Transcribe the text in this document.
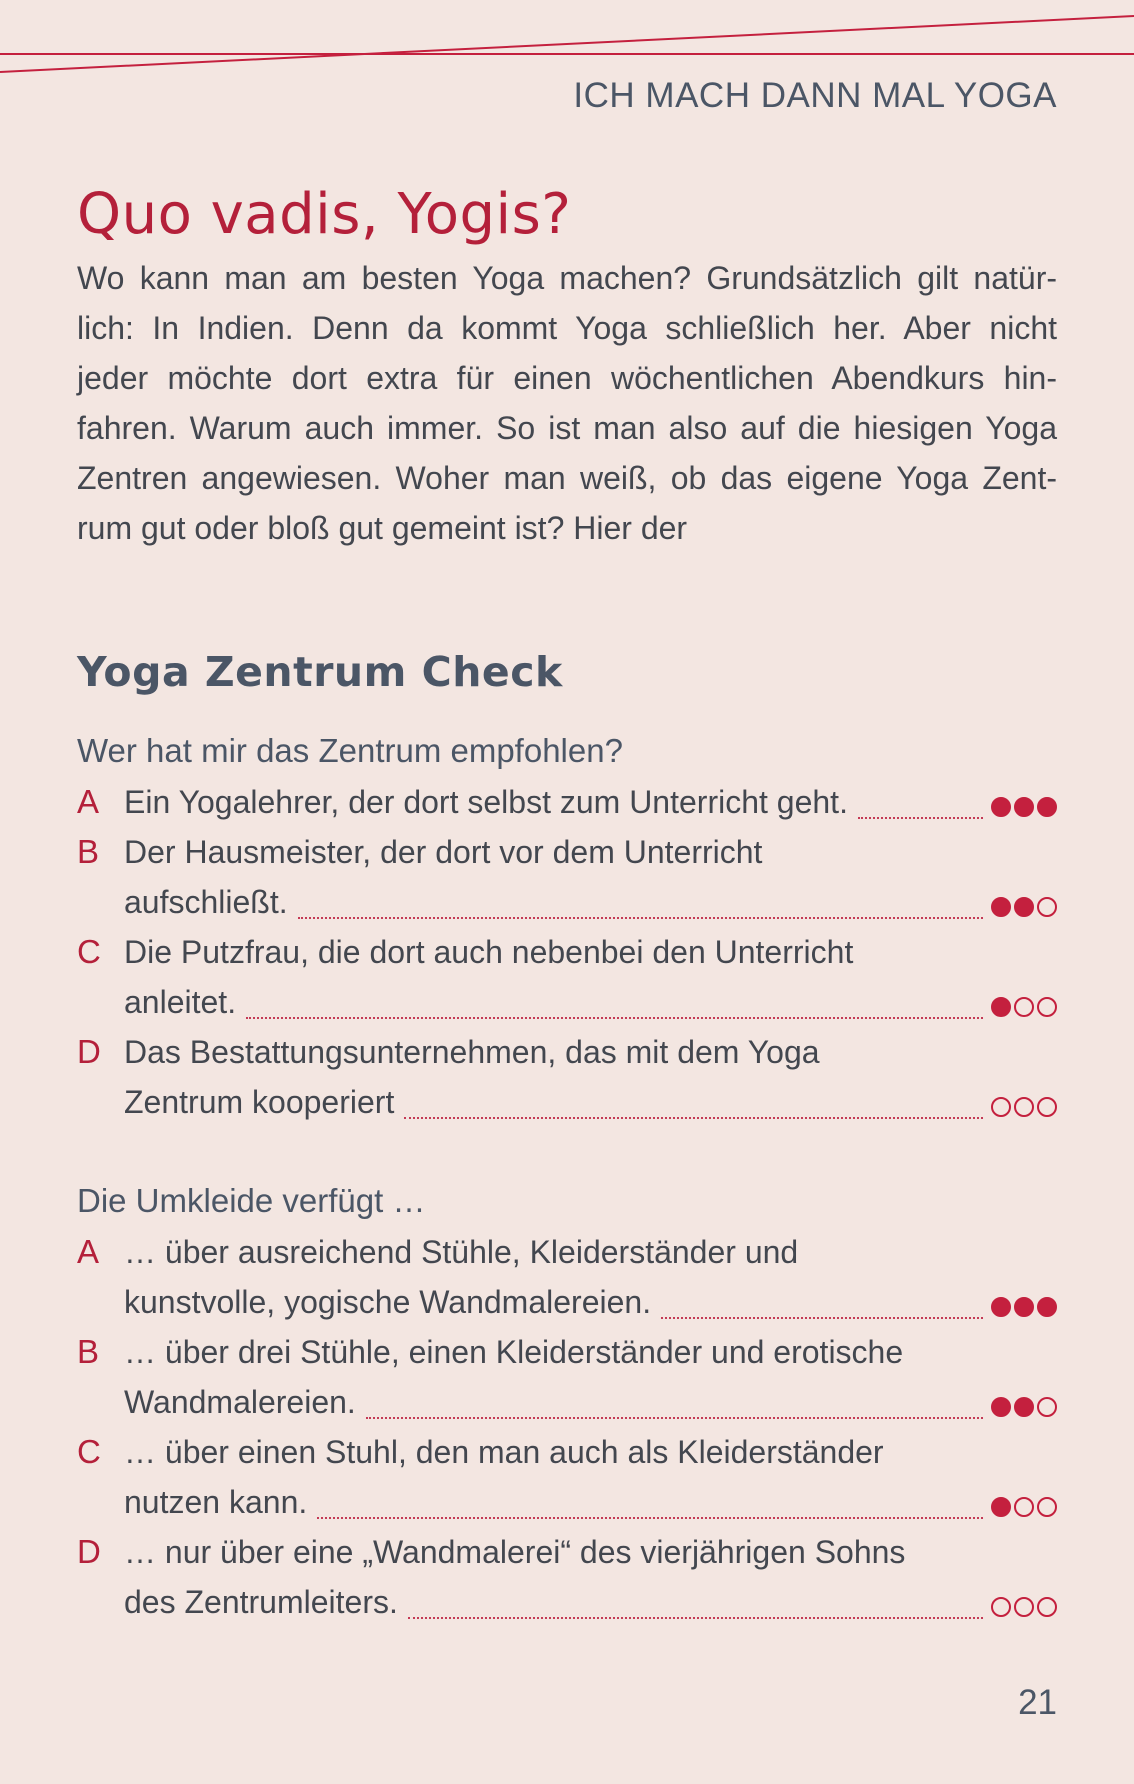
ICH MACH DANN MAL YOGA
Quo vadis, Yogis?
Wo kann man am besten Yoga machen? Grundsätzlich gilt natür-
lich: In Indien. Denn da kommt Yoga schließlich her. Aber nicht
jeder möchte dort extra für einen wöchentlichen Abendkurs hin-
fahren. Warum auch immer. So ist man also auf die hiesigen Yoga
Zentren angewiesen. Woher man weiß, ob das eigene Yoga Zent-
rum gut oder bloß gut gemeint ist? Hier der
Yoga Zentrum Check
Wer hat mir das Zentrum empfohlen?
A Ein Yogalehrer, der dort selbst zum Unterricht geht.
B Der Hausmeister, der dort vor dem Unterricht
aufschließt.
C Die Putzfrau, die dort auch nebenbei den Unterricht
anleitet.
D Das Bestattungsunternehmen, das mit dem Yoga
Zentrum kooperiert
Die Umkleide verfügt …
A … über ausreichend Stühle, Kleiderständer und
kunstvolle, yogische Wandmalereien.
B … über drei Stühle, einen Kleiderständer und erotische
Wandmalereien.
C … über einen Stuhl, den man auch als Kleiderständer
nutzen kann.
D … nur über eine „Wandmalerei“ des vierjährigen Sohns
des Zentrumleiters.
21
